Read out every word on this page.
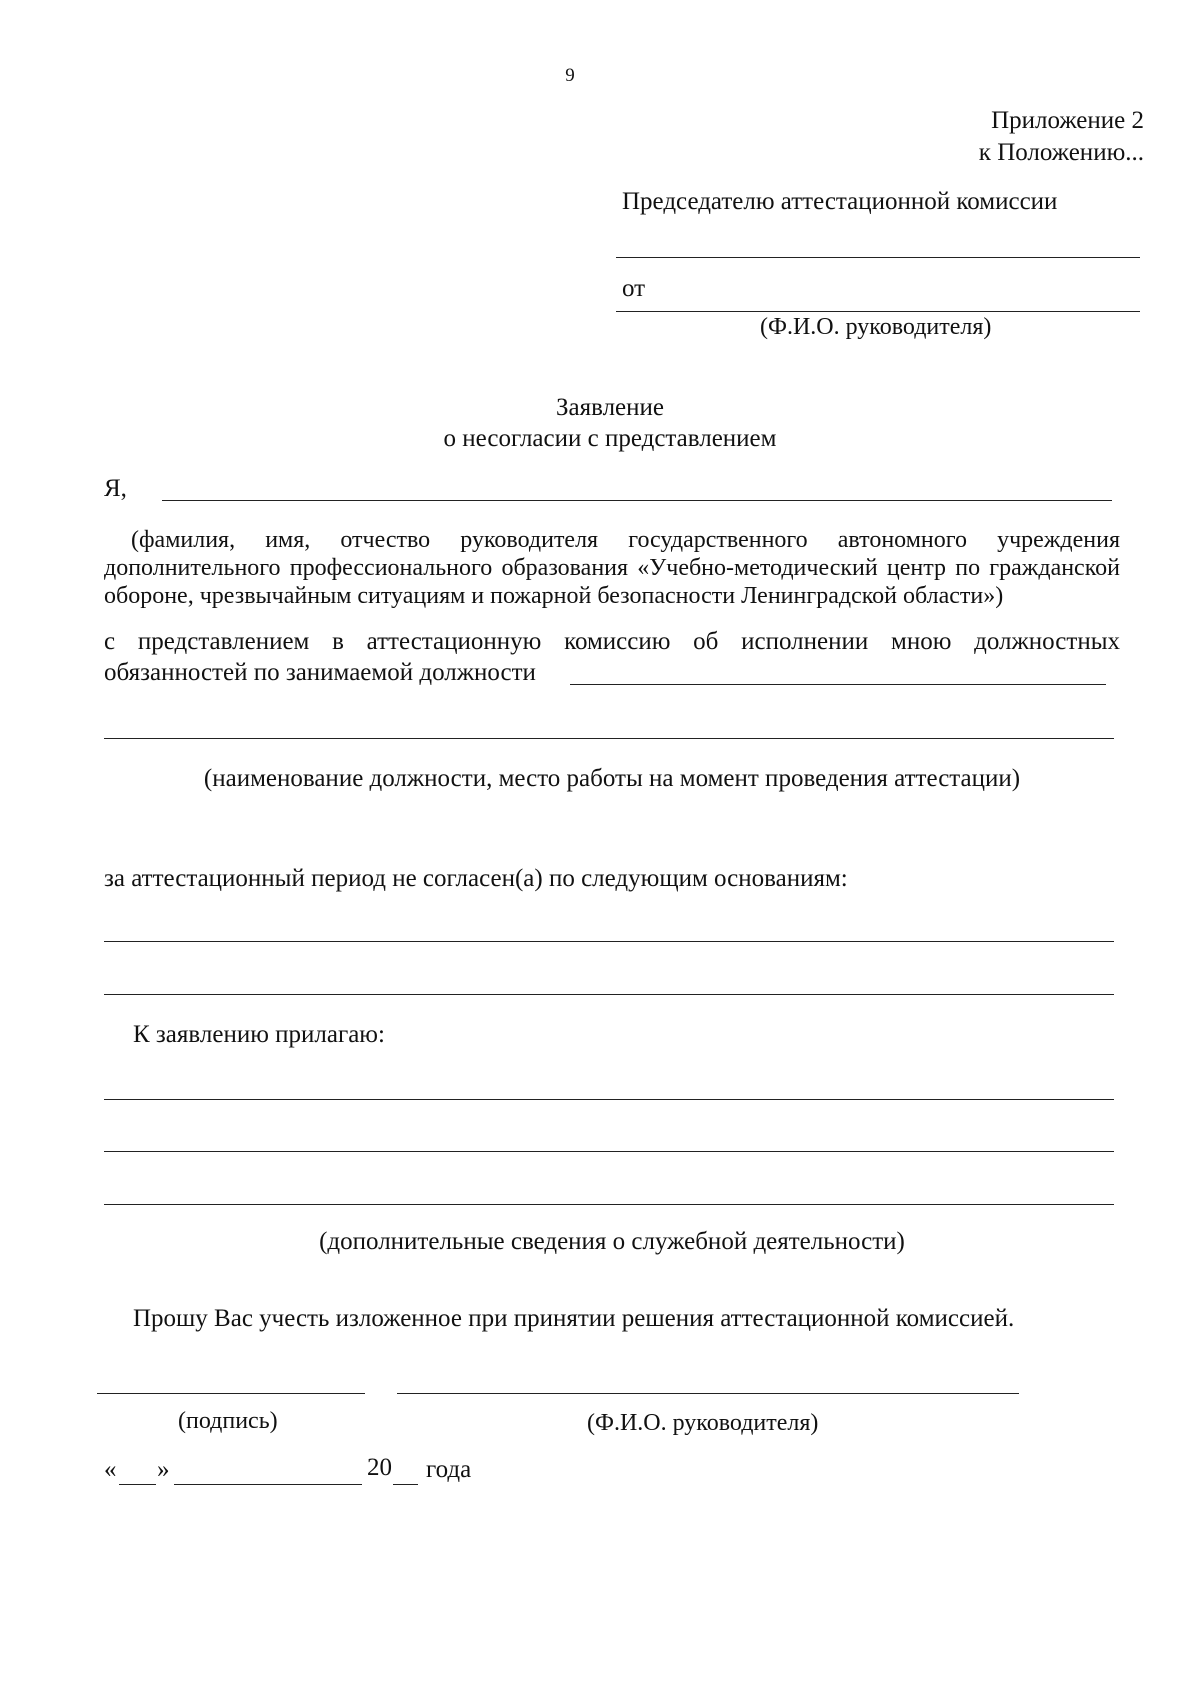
9
Приложение 2
к Положению...
Председателю аттестационной комиссии
от
(Ф.И.О. руководителя)
Заявление
о несогласии с представлением
Я,
(фамилия, имя, отчество руководителя государственного автономного учреждения
дополнительного профессионального образования «Учебно-методический центр по гражданской
обороне, чрезвычайным ситуациям и пожарной безопасности Ленинградской области»)
с представлением в аттестационную комиссию об исполнении мною должностных
обязанностей по занимаемой должности
(наименование должности, место работы на момент проведения аттестации)
за аттестационный период не согласен(а) по следующим основаниям:
К заявлению прилагаю:
(дополнительные сведения о служебной деятельности)
Прошу Вас учесть изложенное при принятии решения аттестационной комиссией.
(подпись)	(Ф.И.О. руководителя)
« »	20 года
